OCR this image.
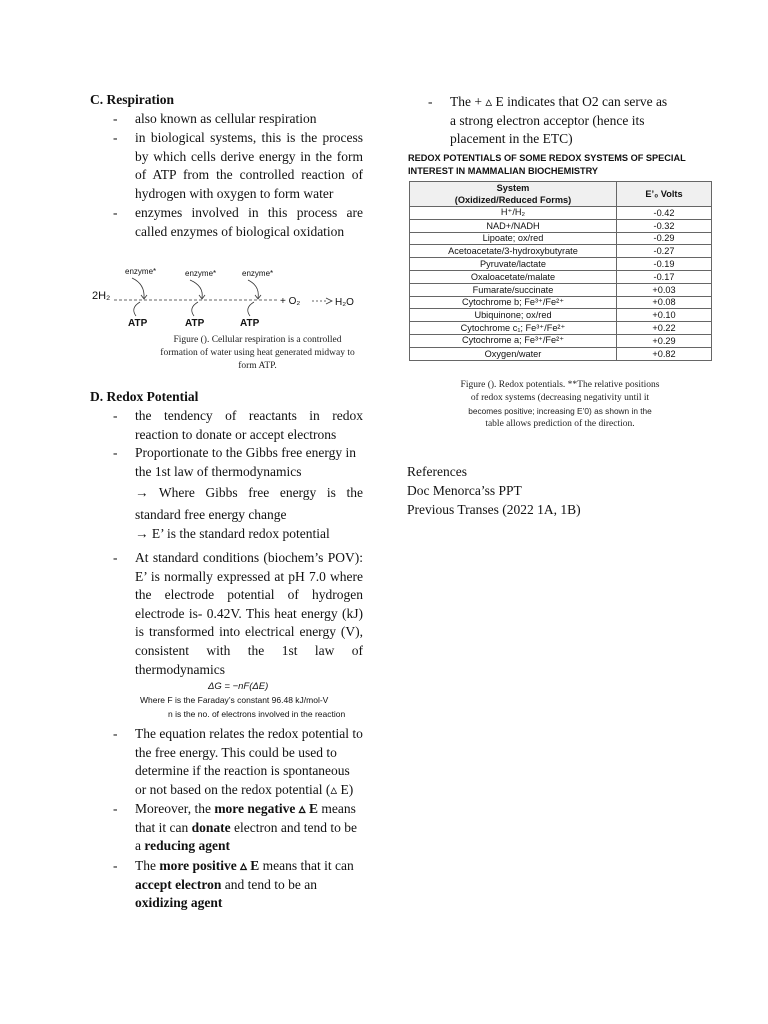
C. Respiration
- also known as cellular respiration
- in biological systems, this is the process by which cells derive energy in the form of ATP from the controlled reaction of hydrogen with oxygen to form water
- enzymes involved in this process are called enzymes of biological oxidation
enzyme*	enzyme*	enzyme*
2H₂	+ O₂	H₂O
ATP	ATP	ATP
Figure (). Cellular respiration is a controlled formation of water using heat generated midway to form ATP.
D. Redox Potential
- the tendency of reactants in redox reaction to donate or accept electrons
- Proportionate to the Gibbs free energy in the 1st law of thermodynamics
→ Where Gibbs free energy is the standard free energy change
→ E’ is the standard redox potential
- At standard conditions (biochem’s POV): E’ is normally expressed at pH 7.0 where the electrode potential of hydrogen electrode is- 0.42V. This heat energy (kJ) is transformed into electrical energy (V), consistent with the 1st law of thermodynamics
ΔG = −nF(ΔE)
Where F is the Faraday’s constant 96.48 kJ/mol-V
n is the no. of electrons involved in the reaction
- The equation relates the redox potential to the free energy. This could be used to determine if the reaction is spontaneous or not based on the redox potential (▵ E)
- Moreover, the more negative ▵ E means that it can donate electron and tend to be a reducing agent
- The more positive ▵ E means that it can accept electron and tend to be an oxidizing agent
- The + ▵ E indicates that O2 can serve as a strong electron acceptor (hence its placement in the ETC)
REDOX POTENTIALS OF SOME REDOX SYSTEMS OF SPECIAL
INTEREST IN MAMMALIAN BIOCHEMISTRY
System
(Oxidized/Reduced Forms)	E’₀ Volts
H⁺/H₂	-0.42
NAD+/NADH	-0.32
Lipoate; ox/red	-0.29
Acetoacetate/3-hydroxybutyrate	-0.27
Pyruvate/lactate	-0.19
Oxaloacetate/malate	-0.17
Fumarate/succinate	+0.03
Cytochrome b; Fe³⁺/Fe²⁺	+0.08
Ubiquinone; ox/red	+0.10
Cytochrome c₁; Fe³⁺/Fe²⁺	+0.22
Cytochrome a; Fe³⁺/Fe²⁺	+0.29
Oxygen/water	+0.82
Figure (). Redox potentials. **The relative positions
of redox systems (decreasing negativity until it
becomes positive; increasing E’0) as shown in the
table allows prediction of the direction.
References
Doc Menorca’ss PPT
Previous Transes (2022 1A, 1B)
